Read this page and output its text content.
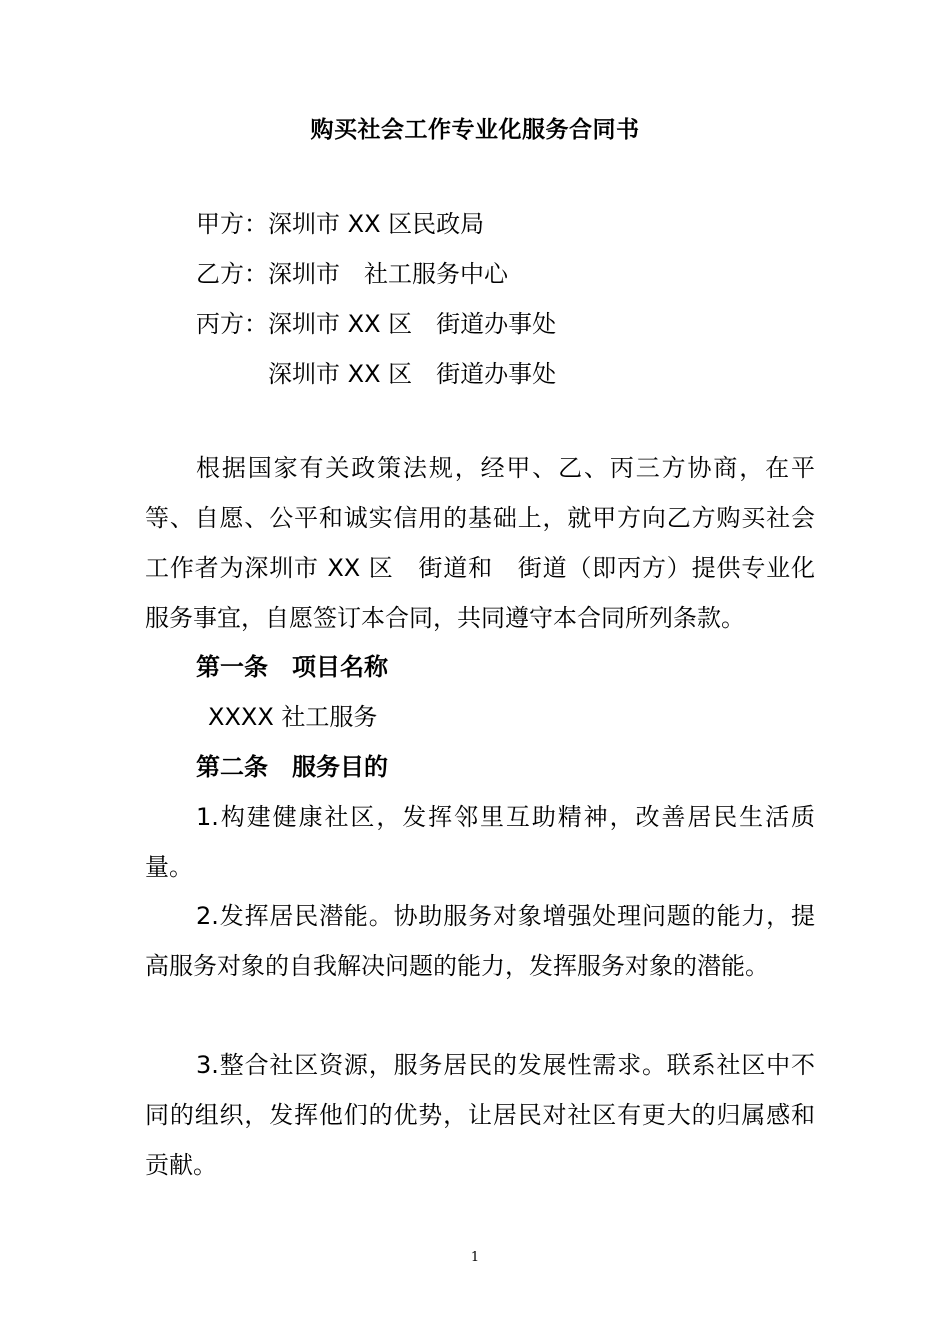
购买社会工作专业化服务合同书
甲方：深圳市 XX 区民政局
乙方：深圳市　社工服务中心
丙方：深圳市 XX 区　街道办事处
　　　深圳市 XX 区　街道办事处

根据国家有关政策法规，经甲、乙、丙三方协商，在平等、自愿、公平和诚实信用的基础上，就甲方向乙方购买社会工作者为深圳市 XX 区　街道和　街道（即丙方）提供专业化服务事宜，自愿签订本合同，共同遵守本合同所列条款。

第一条　项目名称
XXXX 社工服务
第二条　服务目的

1.构建健康社区，发挥邻里互助精神，改善居民生活质量。

2.发挥居民潜能。协助服务对象增强处理问题的能力，提高服务对象的自我解决问题的能力，发挥服务对象的潜能。

3.整合社区资源，服务居民的发展性需求。联系社区中不同的组织，发挥他们的优势，让居民对社区有更大的归属感和贡献。

1
